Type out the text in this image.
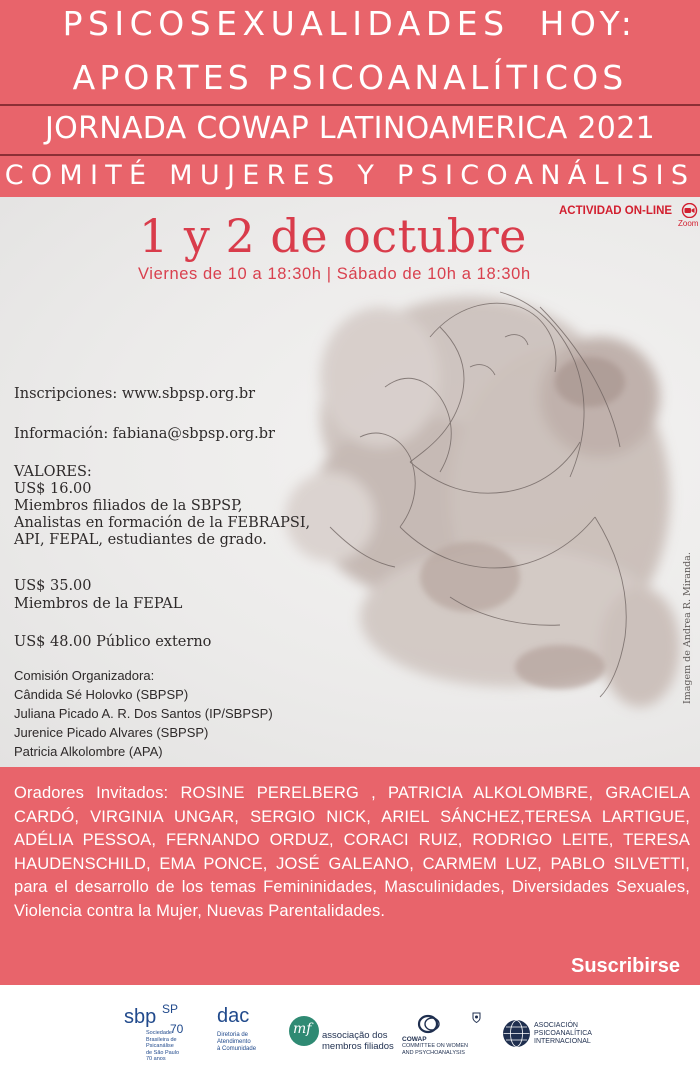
PSICOSEXUALIDADES HOY:
APORTES PSICOANALÍTICOS
JORNADA COWAP LATINOAMERICA 2021
COMITÉ MUJERES Y PSICOANÁLISIS
1 y 2 de octubre
Viernes de 10 a 18:30h | Sábado de 10h a 18:30h
ACTIVIDAD ON-LINE
Zoom
Inscripciones: www.sbpsp.org.br
Información: fabiana@sbpsp.org.br
VALORES:
US$ 16.00
Miembros filiados de la SBPSP,
Analistas en formación de la FEBRAPSI,
API, FEPAL, estudiantes de grado.
US$ 35.00
Miembros de la FEPAL
US$ 48.00 Público externo
Comisión Organizadora:
Cândida Sé Holovko (SBPSP)
Juliana Picado A. R. Dos Santos (IP/SBPSP)
Jurenice Picado Alvares (SBPSP)
Patricia Alkolombre (APA)
Imagem de Andrea R. Miranda.
Oradores Invitados: ROSINE PERELBERG , PATRICIA ALKOLOMBRE, GRACIELA CARDÓ, VIRGINIA UNGAR, SERGIO NICK, ARIEL SÁNCHEZ,TERESA LARTIGUE, ADÉLIA PESSOA, FERNANDO ORDUZ, CORACI RUIZ, RODRIGO LEITE, TERESA HAUDENSCHILD, EMA PONCE, JOSÉ GALEANO, CARMEM LUZ, PABLO SILVETTI, para el desarrollo de los temas Femininidades, Masculinidades, Diversidades Sexuales, Violencia contra la Mujer, Nuevas Parentalidades.
Suscribirse
sbp SP
70
Sociedade
Brasileira de
Psicanálise
de São Paulo
70 anos
dac
Diretoria de
Atendimento
à Comunidade
mf associação dos
membros filiados
COWAP
COMMITTEE ON WOMEN
AND PSYCHOANALYSIS
ASOCIACIÓN
PSICOANALÍTICA
INTERNACIONAL
